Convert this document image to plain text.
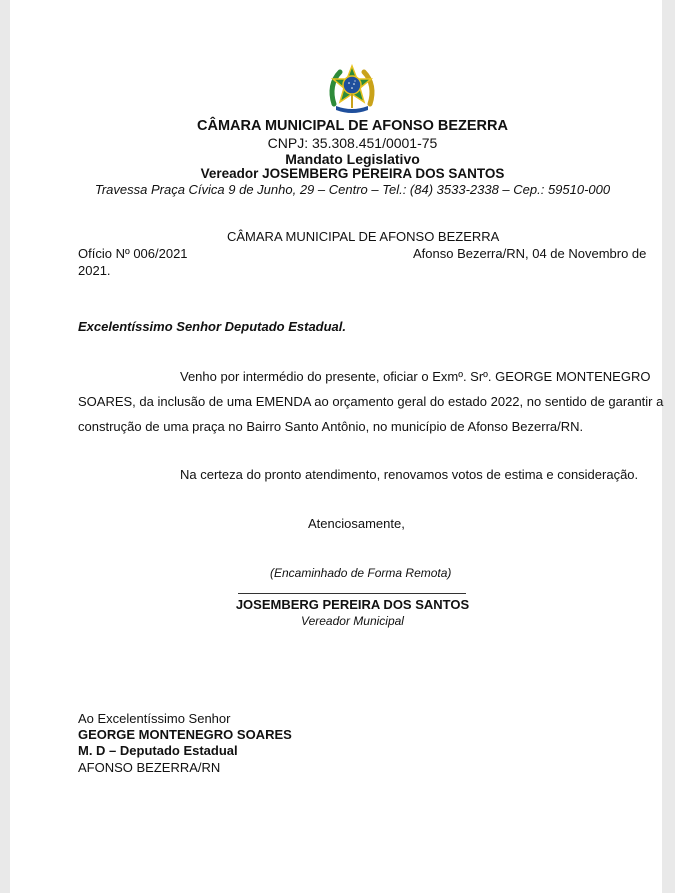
CÂMARA MUNICIPAL DE AFONSO BEZERRA
CNPJ: 35.308.451/0001-75
Mandato Legislativo
Vereador JOSEMBERG PEREIRA DOS SANTOS
Travessa Praça Cívica 9 de Junho, 29 – Centro – Tel.: (84) 3533-2338 – Cep.: 59510-000
CÂMARA MUNICIPAL DE AFONSO BEZERRA
Ofício Nº 006/2021	Afonso Bezerra/RN, 04 de Novembro de
2021.
Excelentíssimo Senhor Deputado Estadual.
Venho por intermédio do presente, oficiar o Exmº. Srº. GEORGE MONTENEGRO
SOARES, da inclusão de uma EMENDA ao orçamento geral do estado 2022, no sentido de garantir a
construção de uma praça no Bairro Santo Antônio, no município de Afonso Bezerra/RN.
Na certeza do pronto atendimento, renovamos votos de estima e consideração.
Atenciosamente,
(Encaminhado de Forma Remota)
JOSEMBERG PEREIRA DOS SANTOS
Vereador Municipal
Ao Excelentíssimo Senhor
GEORGE MONTENEGRO SOARES
M. D – Deputado Estadual
AFONSO BEZERRA/RN
